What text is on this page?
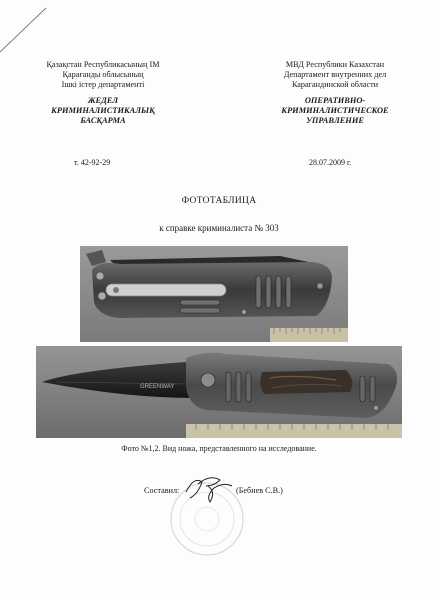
Қазақстан Республикасының ІМ
Қарағанды облысының
Ішкі істер департаменті
ЖЕДЕЛ
КРИМИНАЛИСТИКАЛЫҚ
БАСҚАРМА
МВД Республики Казахстан
Департамент внутренних дел
Карагандинской области
ОПЕРАТИВНО-
КРИМИНАЛИСТИЧЕСКОЕ
УПРАВЛЕНИЕ
т. 42-92-29	28.07.2009 г.
ФОТОТАБЛИЦА
к справке криминалиста № 303
GREENWAY
Фото №1,2. Вид ножа, представленного на исследование.
Составил:	(Бебнев С.В.)
